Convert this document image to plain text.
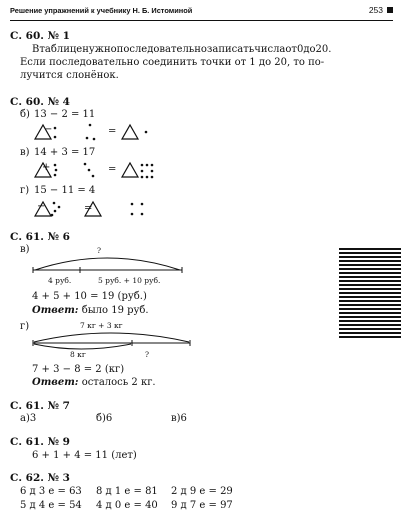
Решение упражнений к учебнику Н. Б. Истоминой	253
С. 60. № 1
Втаблиценужнопоследовательнозаписатьчислаот0до20.
Если последовательно соединить точки от 1 до 20, то по-
лучится слонёнок.
С. 60. № 4
б) 13 − 2 = 11
−	=
в) 14 + 3 = 17
+	=
г) 15 − 11 = 4
−	=
С. 61. № 6
в)	?
4 руб.	5 руб. + 10 руб.
4 + 5 + 10 = 19 (руб.)
Ответ: было 19 руб.
г)	7 кг + 3 кг
8 кг	?
7 + 3 − 8 = 2 (кг)
Ответ: осталось 2 кг.
С. 61. № 7
а)3	б)6	в)6
С. 61. № 9
6 + 1 + 4 = 11 (лет)
С. 62. № 3
6 д 3 е = 63 8 д 1 е = 81 2 д 9 е = 29
5 д 4 е = 54 4 д 0 е = 40 9 д 7 е = 97
